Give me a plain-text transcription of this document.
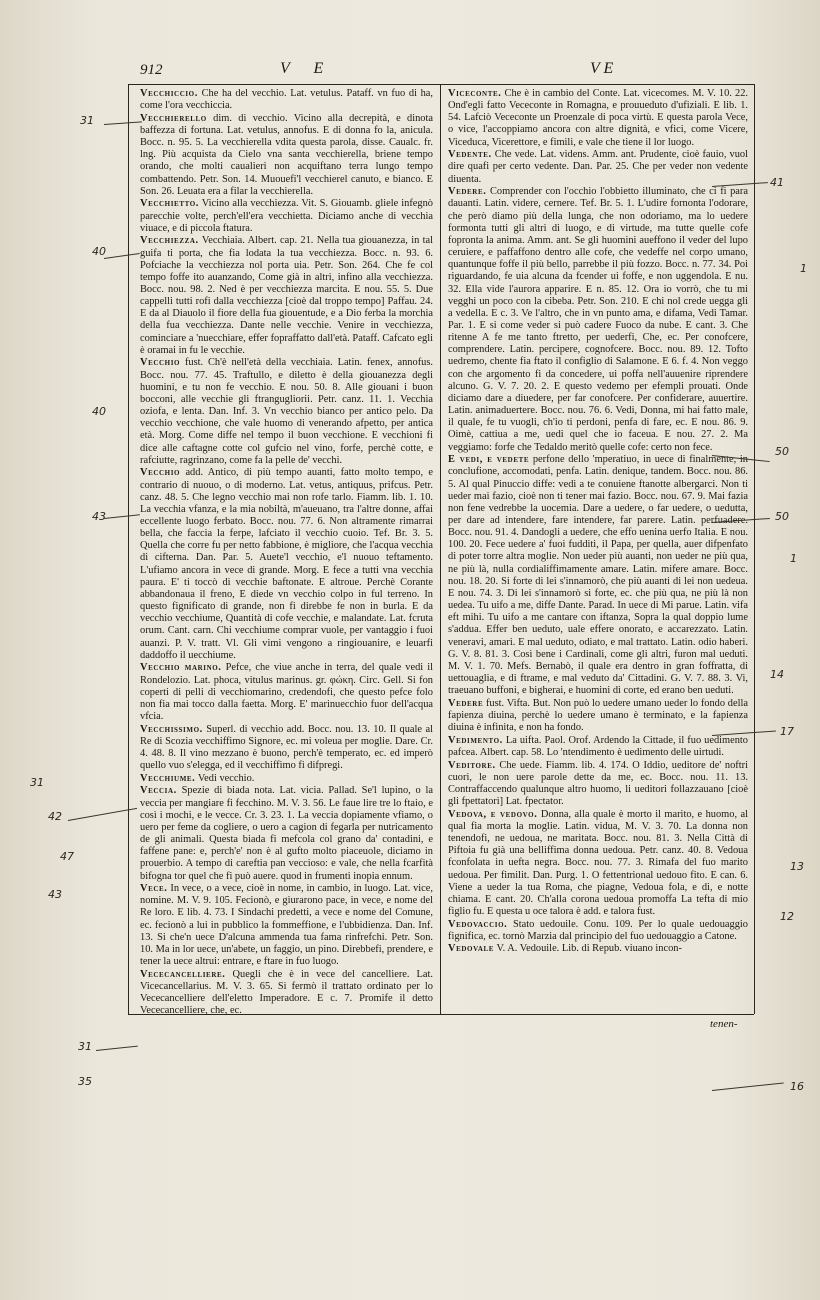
912	V E	V E

Vecchiccio. Che ha del vecchio. Lat. vetulus. Pataff. vn fuo di ha, come l'ora vecchiccia.

Vecchierello dim. di vecchio. Vicino alla decrepità, e dinota baffezza di fortuna. Lat. vetulus, annofus. E di donna fo la, anicula. Bocc. n. 95. 5. La vecchierella vdita questa parola, disse. Caualc. fr. lng. Più acquista da Cielo vna santa vecchierella, briene tempo orando, che molti caualieri non acquiftano terra lungo tempo combattendo. Petr. Son. 14. Muouefi'l vecchierel canuto, e bianco. E Son. 26. Leuata era a filar la vecchierella.

Vecchietto. Vicino alla vecchiezza. Vit. S. Giouamb. gliele infegnò parecchie volte, perch'ell'era vecchietta. Diciamo anche di vecchia viuace, e di piccola ftatura.

Vecchiezza. Vecchiaia. Albert. cap. 21. Nella tua giouanezza, in tal guifa ti porta, che fia lodata la tua vecchiezza. Bocc. n. 93. 6. Pofciache la vecchiezza nol porta uia. Petr. Son. 264. Che fe col tempo foffe ito auanzando, Come già in altri, infino alla vecchiezza. Bocc. nou. 98. 2. Ned è per vecchiezza marcita. E nou. 55. 5. Due cappelli tutti rofi dalla vecchiezza [cioè dal troppo tempo] Paffau. 24. E da al Diauolo il fiore della fua giouentude, e a Dio ferba la morchia della fua vecchiezza. Dante nelle vecchie. Venire in vecchiezza, cominciare a 'nuecchiare, effer fopraffatto dall'età. Pataff. Cafcato egli è oramai in fu le vecchie.

Vecchio fust. Ch'è nell'età della vecchiaia. Latin. fenex, annofus. Bocc. nou. 77. 45. Traftullo, e diletto è della giouanezza degli huomini, e tu non fe vecchio. E nou. 50. 8. Alle giouani i buon bocconi, alle vecchie gli ftrangugliorii. Petr. canz. 11. 1. Vecchia oziofa, e lenta. Dan. Inf. 3. Vn vecchio bianco per antico pelo. Da vecchio vecchione, che vale huomo di venerando afpetto, per antica età. Morg. Come diffe nel tempo il buon vecchione. E vecchioni fi dice alle caftagne cotte col gufcio nel vino, forfe, perchè cotte, e rafciutte, ragrinzano, come fa la pelle de' vecchi.

Vecchio add. Antico, di più tempo auanti, fatto molto tempo, e contrario di nuouo, o di moderno. Lat. vetus, antiquus, prifcus. Petr. canz. 48. 5. Che legno vecchio mai non rofe tarlo. Fiamm. lib. 1. 10. La vecchia vfanza, e la mia nobiltà, m'aueuano, tra l'altre donne, affai eccellente luogo ferbato. Bocc. nou. 77. 6. Non altramente rimarrai bella, che faccia la ferpe, lafciato il vecchio cuoio. Tef. Br. 3. 5. Quella che corre fu per netto fabbione, è migliore, che l'acqua vecchia di cifterna. Dan. Par. 5. Auete'l vecchio, e'l nuouo teftamento. L'ufiamo ancora in vece di grande. Morg. E fece a tutti vna vecchia paura. E' ti toccò di vecchie baftonate. E altroue. Perchè Corante abbandonaua il freno, E diede vn vecchio colpo in ful terreno. In questo fignificato di grande, non fi direbbe fe non in burla. E da vecchio vecchiume, Quantità di cofe vecchie, e malandate. Lat. fcruta orum. Cant. carn. Chi vecchiume comprar vuole, per vantaggio i fuoi auanzi. P. V. tratt. Vl. Gli vimi vengono a ringiouanire, e leuarfi daddoffo il uecchiume.

Vecchio marino. Pefce, che viue anche in terra, del quale vedi il Rondelozio. Lat. phoca, vitulus marinus. gr. φώκη. Circ. Gell. Si fon coperti di pelli di vecchiomarino, credendofi, che questo pefce folo non fia mai tocco dalla faetta. Morg. E' marinuecchio fuor dell'acqua vfcia.

Vecchissimo. Superl. di vecchio add. Bocc. nou. 13. 10. Il quale al Re di Scozia vecchiffimo Signore, ec. mi voleua per moglie. Dare. Cr. 4. 48. 8. Il vino mezzano è buono, perch'è temperato, ec. ed imperò quello vuo s'elegga, ed il vecchiffimo fi difpregi.

Vecchiume. Vedi vecchio.

Veccia. Spezie di biada nota. Lat. vicia. Pallad. Se'l lupino, o la veccia per mangiare fi fecchino. M. V. 3. 56. Le faue lire tre lo ftaio, e così i mochi, e le vecce. Cr. 3. 23. 1. La veccia dopiamente vfiamo, o uero per feme da cogliere, o uero a cagion di fegarla per nutricamento de gli animali. Questa biada fi mefcola col grano da' contadini, e faffene pane: e, perch'e' non è al gufto molto piaceuole, diciamo in prouerbio. A tempo di careftia pan veccioso: e vale, che nella fcarfità bifogna tor quel che fi può auere. quod in frumenti inopia ennum.

Vece. In vece, o a vece, cioè in nome, in cambio, in luogo. Lat. vice, nomine. M. V. 9. 105. Fecionò, e giurarono pace, in vece, e nome del Re loro. E lib. 4. 73. I Sindachi predetti, a vece e nome del Comune, ec. fecionò a lui in pubblico la fommeffione, e l'ubbidienza. Dan. Inf. 13. Si che'n uece D'alcuna ammenda tua fama rinfrefchi. Petr. Son. 10. Ma in lor uece, un'abete, un faggio, un pino. Direbbefi, prendere, e tener la uece altrui: entrare, e ftare in fuo luogo.

Vececancelliere. Quegli che è in vece del cancelliere. Lat. Vicecancellarius. M. V. 3. 65. Si fermò il trattato ordinato per lo Vececancelliere dell'eletto Imperadore. E c. 7. Promife il detto Vececancelliere, che, ec.

Viceconte. Che è in cambio del Conte. Lat. vicecomes. M. V. 10. 22. Ond'egli fatto Vececonte in Romagna, e prouueduto d'ufiziali. E lib. 1. 54. Lafciò Vececonte un Proenzale di poca virtù. E questa parola Vece, o vice, l'accoppiamo ancora con altre dignità, e vfici, come Vicere, Viceduca, Vicerettore, e fimili, e vale che tiene il lor luogo.

Vedente. Che vede. Lat. videns. Amm. ant. Prudente, cioè fauio, vuol dire quafi per certo vedente. Dan. Par. 25. Che per veder non vedente diuenta.

Vedere. Comprender con l'occhio l'obbietto illuminato, che ci fi para dauanti. Latin. videre, cernere. Tef. Br. 5. 1. L'udire fornonta l'odorare, che però diamo più della lunga, che non odoriamo, ma lo uedere formonta tutti gli altri di luogo, e di virtude, ma tutte quelle cofe fopronta la anima. Amm. ant. Se gli huomini aueffono il veder del lupo ceruiere, e paffaffono dentro alle cofe, che vedeffe nel corpo umano, quantunque foffe il più bello, parrebbe il più fozzo. Bocc. n. 77. 34. Poi riguardando, fe uia alcuna da fcender ui foffe, e non uggendola. E nu. 32. Ella vide l'aurora apparire. E n. 85. 12. Ora io vorrò, che tu mi vegghi un poco con la cibeba. Petr. Son. 210. E chi nol crede uegga gli a vedella. E c. 3. Ve l'altro, che in vn punto ama, e difama, Vedi Tamar. Par. 1. E si come veder si può cadere Fuoco da nube. E cant. 3. Che ritenne A fe me tanto ftretto, per uederfi, Che, ec. Per conofcere, comprendere. Latin. percipere, cognofcere. Bocc. nou. 89. 12. Tofto uedremo, chente fia ftato il configlio di Salamone. E 6. f. 4. Non veggo con che argomento fi da concedere, ui poffa nell'auuenire riprendere alcuno. G. V. 7. 20. 2. E questo vedemo per efempli prouati. Onde diciamo dare a diuedere, per far conofcere. Per confiderare, auuertire. Latin. animaduertere. Bocc. nou. 76. 6. Vedi, Donna, mi hai fatto male, il quale, fe tu vuogli, ch'io ti perdoni, penfa di fare, ec. E nou. 86. 9. Oimè, cattiua a me, uedi quel che io faceua. E nou. 27. 2. Ma veggiamo: forfe che Tedaldo meritò quelle cofe: certo non fece.

E vedi, e vedete perfone dello 'mperatiuo, in uece di finalmente, in conclufione, accomodati, penfa. Latin. denique, tandem. Bocc. nou. 86. 5. Al qual Pinuccio diffe: vedi a te conuiene ftanotte albergarci. Non ti ueder mai fazio, cioè non ti tener mai fazio. Bocc. nou. 67. 9. Mai fazia non fene vedrebbe la uocemia. Dare a uedere, o far uedere, o uedutta, per dare ad intendere, fare intendere, far parere. Latin. perfuadere. Bocc. nou. 91. 4. Dandogli a uedere, che effo uenina uerfo Italia. E nou. 100. 20. Fece uedere a' fuoi fudditi, il Papa, per quella, auer difpenfato di poter torre altra moglie. Non ueder più auanti, non ueder ne più qua, ne più là, nulla cordialiffimamente amare. Latin. mifere amare. Bocc. nou. 18. 20. Si forte di lei s'innamorò, che più auanti di lei non uedeua. E nou. 74. 3. Di lei s'innamorò si forte, ec. che più qua, ne più là non uedea. Tu uifo a me, diffe Dante. Parad. In uece di Mi parue. Latin. vifa eft mihi. Tu uifo a me cantare con iftanza, Sopra la qual doppio lume s'addua. Effer ben ueduto, uale effere onorato, e accarezzato. Latin. veneravi, amari. E mal ueduto, odiato, e mal trattato. Latin. odio haberi. G. V. 8. 81. 3. Così bene i Cardinali, come gli altri, furon mal ueduti. M. V. 1. 70. Mefs. Bernabò, il quale era dentro in gran foffratta, di uettouaglia, e di ftrame, e mal veduto da' Cittadini. G. V. 7. 88. 3. Vi, traeuano buffoni, e bigherai, e huomini di corte, ed erano ben ueduti.

Vedere fust. Vifta. But. Non può lo uedere umano ueder lo fondo della fapienza diuina, perchè lo uedere umano è terminato, e la fapienza diuina è infinita, e non ha fondo.

Vedimento. La uifta. Paol. Orof. Ardendo la Cittade, il fuo uedimento pafcea. Albert. cap. 58. Lo 'ntendimento è uedimento delle uirtudi.

Veditore. Che uede. Fiamm. lib. 4. 174. O Iddio, ueditore de' noftri cuori, le non uere parole dette da me, ec. Bocc. nou. 11. 13. Contraffaccendo qualunque altro huomo, li ueditori follazzauano [cioè gli fpettatori] Lat. fpectator.

Vedova, e vedovo. Donna, alla quale è morto il marito, e huomo, al qual fia morta la moglie. Latin. vidua, M. V. 3. 70. La donna non tenendofi, ne uedoua, ne maritata. Bocc. nou. 81. 3. Nella Città di Piftoia fu già una belliffima donna uedoua. Petr. canz. 40. 8. Vedoua fconfolata in uefta negra. Bocc. nou. 77. 3. Rimafa del fuo marito uedoua. Per fimilit. Dan. Purg. 1. O fettentrional uedouo fito. E can. 6. Viene a ueder la tua Roma, che piagne, Vedoua fola, e di, e notte chiama. E cant. 20. Ch'alla corona uedoua promoffa La tefta di mio figlio fu. E questa u oce talora è add. e talora fust.

Vedovaccio. Stato uedouile. Conu. 109. Per lo quale uedouaggio fignifica, ec. tornò Marzia dal principio del fuo uedouaggio a Catone.

Vedovale V. A. Vedouile. Lib. di Repub. viuano incon-

tenen-
31
40
40
43
42
43
31
35
31
47
41
1
50
50
1
14
17
12
13
16
